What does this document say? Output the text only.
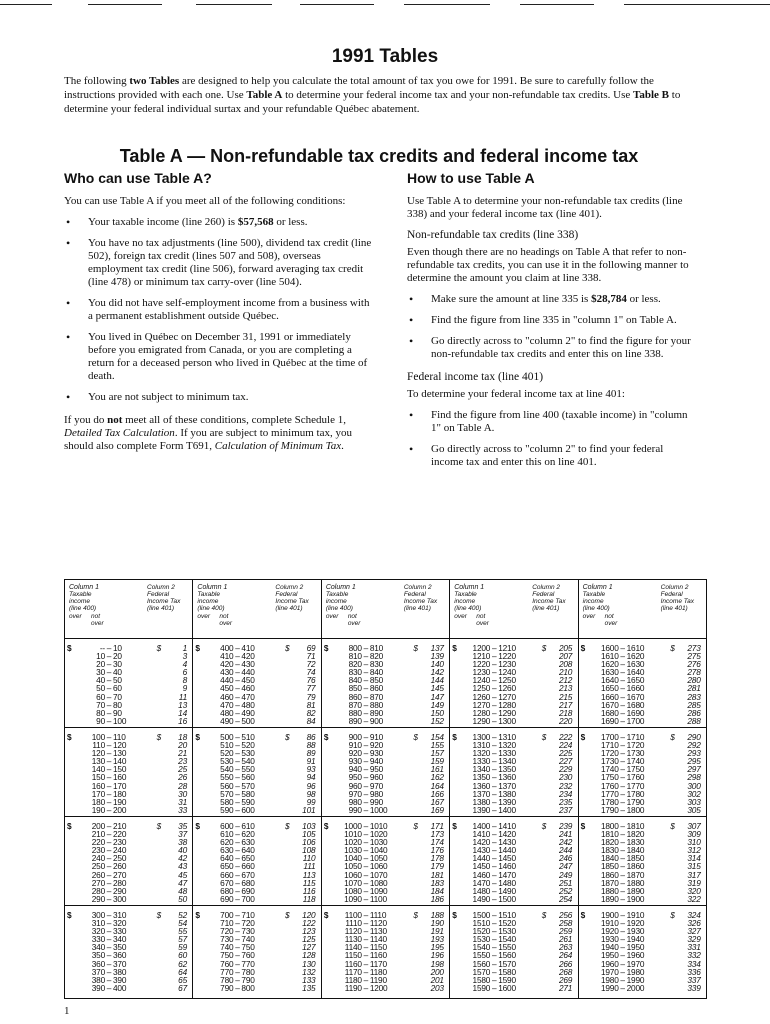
1991 Tables
The following two Tables are designed to help you calculate the total amount of tax you owe for 1991. Be sure to carefully follow the instructions provided with each one. Use Table A to determine your federal income tax and your non-refundable tax credits. Use Table B to determine your federal individual surtax and your refundable Québec abatement.
Table A — Non-refundable tax credits and federal income tax
Who can use Table A?

You can use Table A if you meet all of the following conditions:

• Your taxable income (line 260) is $57,568 or less.
• You have no tax adjustments (line 500), dividend tax credit (line 502), foreign tax credit (lines 507 and 508), overseas employment tax credit (line 506), forward averaging tax credit (line 478) or minimum tax carry-over (line 504).
• You did not have self-employment income from a business with a permanent establishment outside Québec.
• You lived in Québec on December 31, 1991 or immediately before you emigrated from Canada, or you are completing a return for a deceased person who lived in Québec at the time of death.
• You are not subject to minimum tax.

If you do not meet all of these conditions, complete Schedule 1, Detailed Tax Calculation. If you are subject to minimum tax, you should also complete Form T691, Calculation of Minimum Tax.

How to use Table A

Use Table A to determine your non-refundable tax credits (line 338) and your federal income tax (line 401).

Non-refundable tax credits (line 338)

Even though there are no headings on Table A that refer to non-refundable tax credits, you can use it in the following manner to determine the amount you claim at line 338.

• Make sure the amount at line 335 is $28,784 or less.
• Find the figure from line 335 in "column 1" on Table A.
• Go directly across to "column 2" to find the figure for your non-refundable tax credits and enter this on line 338.
Federal income tax (line 401)

To determine your federal income tax at line 401:

• Find the figure from line 400 (taxable income) in "column 1" on Table A.
• Go directly across to "column 2" to find your federal income tax and enter this on line 401.
Column 1
Taxable
income
(line 400)
Column 2
Federal
Income Tax
(line 401)
over not
over
$	-- – 10	$	1
10 – 20	3
20 – 30	4
30 – 40	6
40 – 50	8
50 – 60	9
60 – 70	11
70 – 80	13
80 – 90	14
90 – 100	16
$	100 – 110	$	18
110 – 120	20
120 – 130	21
130 – 140	23
140 – 150	25
150 – 160	26
160 – 170	28
170 – 180	30
180 – 190	31
190 – 200	33
$	200 – 210	$	35
210 – 220	37
220 – 230	38
230 – 240	40
240 – 250	42
250 – 260	43
260 – 270	45
270 – 280	47
280 – 290	48
290 – 300	50
$	300 – 310	$	52
310 – 320	54
320 – 330	55
330 – 340	57
340 – 350	59
350 – 360	60
360 – 370	62
370 – 380	64
380 – 390	65
390 – 400	67
Column 1
Taxable
income
(line 400)
Column 2
Federal
Income Tax
(line 401)
over not
over
$	400 – 410	$	69
410 – 420	71
420 – 430	72
430 – 440	74
440 – 450	76
450 – 460	77
460 – 470	79
470 – 480	81
480 – 490	82
490 – 500	84
$	500 – 510	$	86
510 – 520	88
520 – 530	89
530 – 540	91
540 – 550	93
550 – 560	94
560 – 570	96
570 – 580	98
580 – 590	99
590 – 600	101
$	600 – 610	$	103
610 – 620	105
620 – 630	106
630 – 640	108
640 – 650	110
650 – 660	111
660 – 670	113
670 – 680	115
680 – 690	116
690 – 700	118
$	700 – 710	$	120
710 – 720	122
720 – 730	123
730 – 740	125
740 – 750	127
750 – 760	128
760 – 770	130
770 – 780	132
780 – 790	133
790 – 800	135
Column 1
Taxable
income
(line 400)
Column 2
Federal
Income Tax
(line 401)
over not
over
$	800 – 810	$	137
810 – 820	139
820 – 830	140
830 – 840	142
840 – 850	144
850 – 860	145
860 – 870	147
870 – 880	149
880 – 890	150
890 – 900	152
$	900 – 910	$	154
910 – 920	155
920 – 930	157
930 – 940	159
940 – 950	161
950 – 960	162
960 – 970	164
970 – 980	166
980 – 990	167
990 – 1000	169
$	1000 – 1010	$	171
1010 – 1020	173
1020 – 1030	174
1030 – 1040	176
1040 – 1050	178
1050 – 1060	179
1060 – 1070	181
1070 – 1080	183
1080 – 1090	184
1090 – 1100	186
$	1100 – 1110	$	188
1110 – 1120	190
1120 – 1130	191
1130 – 1140	193
1140 – 1150	195
1150 – 1160	196
1160 – 1170	198
1170 – 1180	200
1180 – 1190	201
1190 – 1200	203
Column 1
Taxable
income
(line 400)
Column 2
Federal
Income Tax
(line 401)
over not
over
$	1200 – 1210	$	205
1210 – 1220	207
1220 – 1230	208
1230 – 1240	210
1240 – 1250	212
1250 – 1260	213
1260 – 1270	215
1270 – 1280	217
1280 – 1290	218
1290 – 1300	220
$	1300 – 1310	$	222
1310 – 1320	224
1320 – 1330	225
1330 – 1340	227
1340 – 1350	229
1350 – 1360	230
1360 – 1370	232
1370 – 1380	234
1380 – 1390	235
1390 – 1400	237
$	1400 – 1410	$	239
1410 – 1420	241
1420 – 1430	242
1430 – 1440	244
1440 – 1450	246
1450 – 1460	247
1460 – 1470	249
1470 – 1480	251
1480 – 1490	252
1490 – 1500	254
$	1500 – 1510	$	256
1510 – 1520	258
1520 – 1530	259
1530 – 1540	261
1540 – 1550	263
1550 – 1560	264
1560 – 1570	266
1570 – 1580	268
1580 – 1590	269
1590 – 1600	271
Column 1
Taxable
income
(line 400)
Column 2
Federal
Income Tax
(line 401)
over not
over
$	1600 – 1610	$	273
1610 – 1620	275
1620 – 1630	276
1630 – 1640	278
1640 – 1650	280
1650 – 1660	281
1660 – 1670	283
1670 – 1680	285
1680 – 1690	286
1690 – 1700	288
$	1700 – 1710	$	290
1710 – 1720	292
1720 – 1730	293
1730 – 1740	295
1740 – 1750	297
1750 – 1760	298
1760 – 1770	300
1770 – 1780	302
1780 – 1790	303
1790 – 1800	305
$	1800 – 1810	$	307
1810 – 1820	309
1820 – 1830	310
1830 – 1840	312
1840 – 1850	314
1850 – 1860	315
1860 – 1870	317
1870 – 1880	319
1880 – 1890	320
1890 – 1900	322
$	1900 – 1910	$	324
1910 – 1920	326
1920 – 1930	327
1930 – 1940	329
1940 – 1950	331
1950 – 1960	332
1960 – 1970	334
1970 – 1980	336
1980 – 1990	337
1990 – 2000	339
1
